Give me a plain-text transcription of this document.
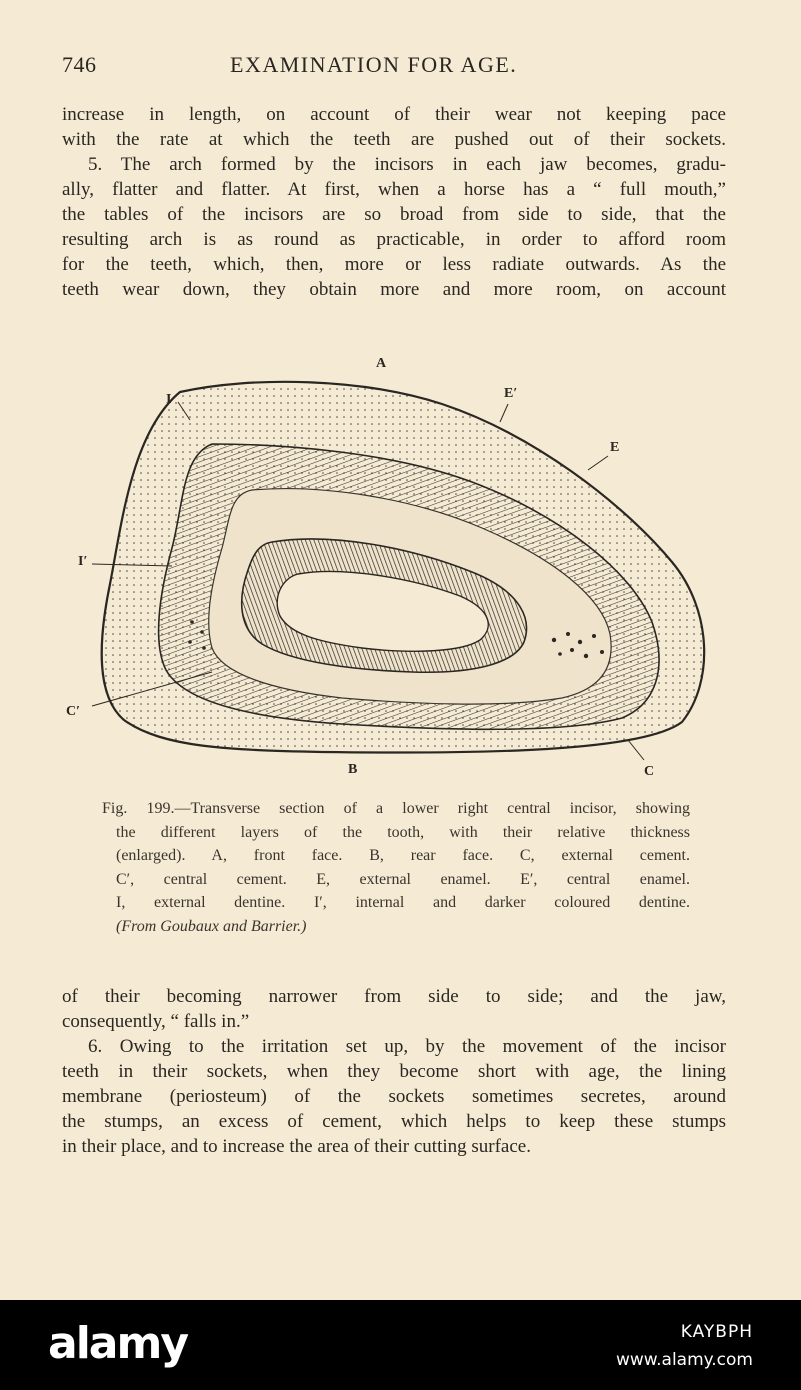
746	EXAMINATION FOR AGE.

increase in length, on account of their wear not keeping pace
with the rate at which the teeth are pushed out of their sockets.
5. The arch formed by the incisors in each jaw becomes, gradu-
ally, flatter and flatter. At first, when a horse has a “ full mouth,”
the tables of the incisors are so broad from side to side, that the
resulting arch is as round as practicable, in order to afford room
for the teeth, which, then, more or less radiate outwards. As the
teeth wear down, they obtain more and more room, on account

A
I	E′
E
I′
C′
B	C
Fig. 199.—Transverse section of a lower right central incisor, showing
the different layers of the tooth, with their relative thickness
(enlarged). A, front face. B, rear face. C, external cement.
C′, central cement. E, external enamel. E′, central enamel.
I, external dentine. I′, internal and darker coloured dentine.
(From Goubaux and Barrier.)

of their becoming narrower from side to side; and the jaw,
consequently, “ falls in.”
6. Owing to the irritation set up, by the movement of the incisor
teeth in their sockets, when they become short with age, the lining
membrane (periosteum) of the sockets sometimes secretes, around
the stumps, an excess of cement, which helps to keep these stumps
in their place, and to increase the area of their cutting surface.

alamy	KAYBPH
www.alamy.com
